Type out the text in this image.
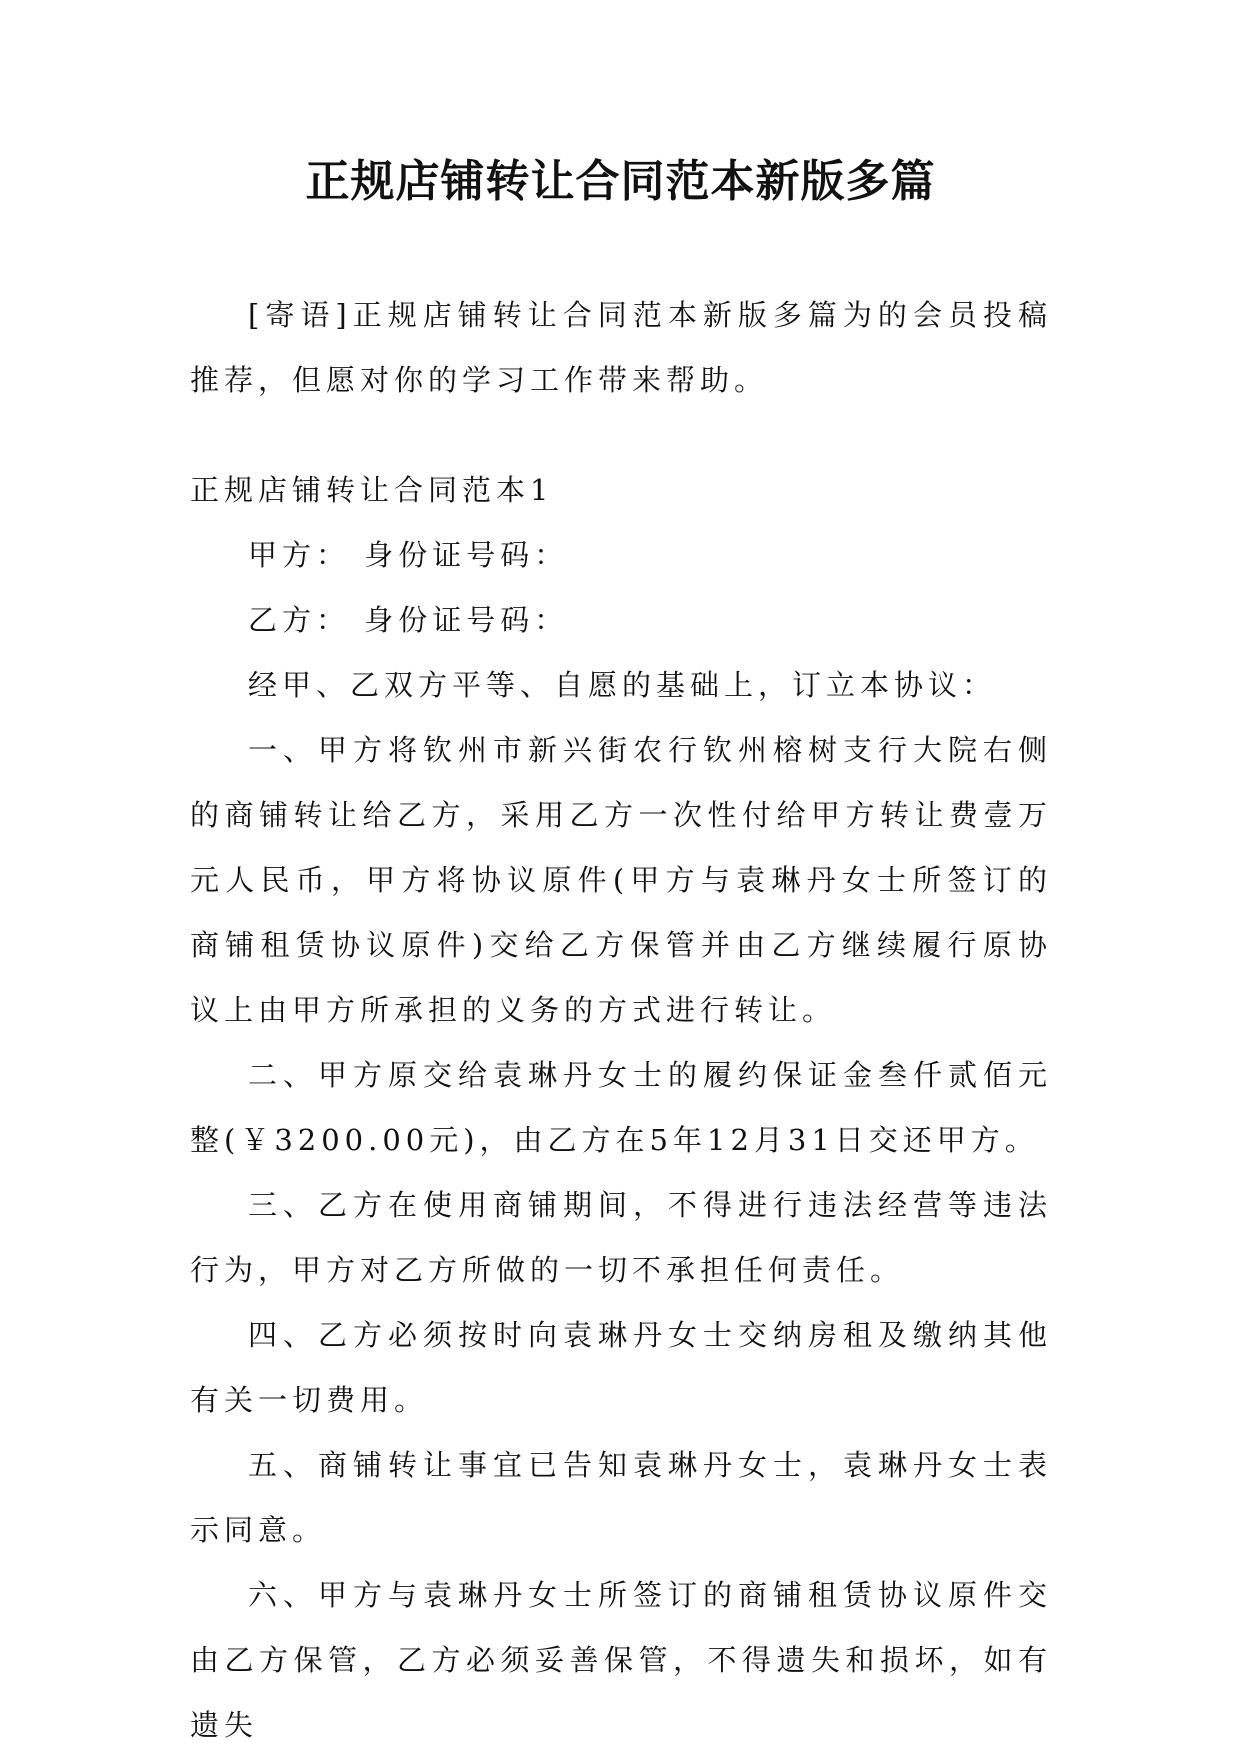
正规店铺转让合同范本新版多篇

[寄语]正规店铺转让合同范本新版多篇为的会员投稿推荐，但愿对你的学习工作带来帮助。

正规店铺转让合同范本1

甲方： 身份证号码：

乙方： 身份证号码：

经甲、乙双方平等、自愿的基础上，订立本协议：

一、甲方将钦州市新兴街农行钦州榕树支行大院右侧的商铺转让给乙方，采用乙方一次性付给甲方转让费壹万元人民币，甲方将协议原件(甲方与袁琳丹女士所签订的商铺租赁协议原件)交给乙方保管并由乙方继续履行原协议上由甲方所承担的义务的方式进行转让。

二、甲方原交给袁琳丹女士的履约保证金叁仟贰佰元整(￥3200.00元)，由乙方在5年12月31日交还甲方。

三、乙方在使用商铺期间，不得进行违法经营等违法行为，甲方对乙方所做的一切不承担任何责任。

四、乙方必须按时向袁琳丹女士交纳房租及缴纳其他有关一切费用。

五、商铺转让事宜已告知袁琳丹女士，袁琳丹女士表示同意。

六、甲方与袁琳丹女士所签订的商铺租赁协议原件交由乙方保管，乙方必须妥善保管，不得遗失和损坏，如有遗失
